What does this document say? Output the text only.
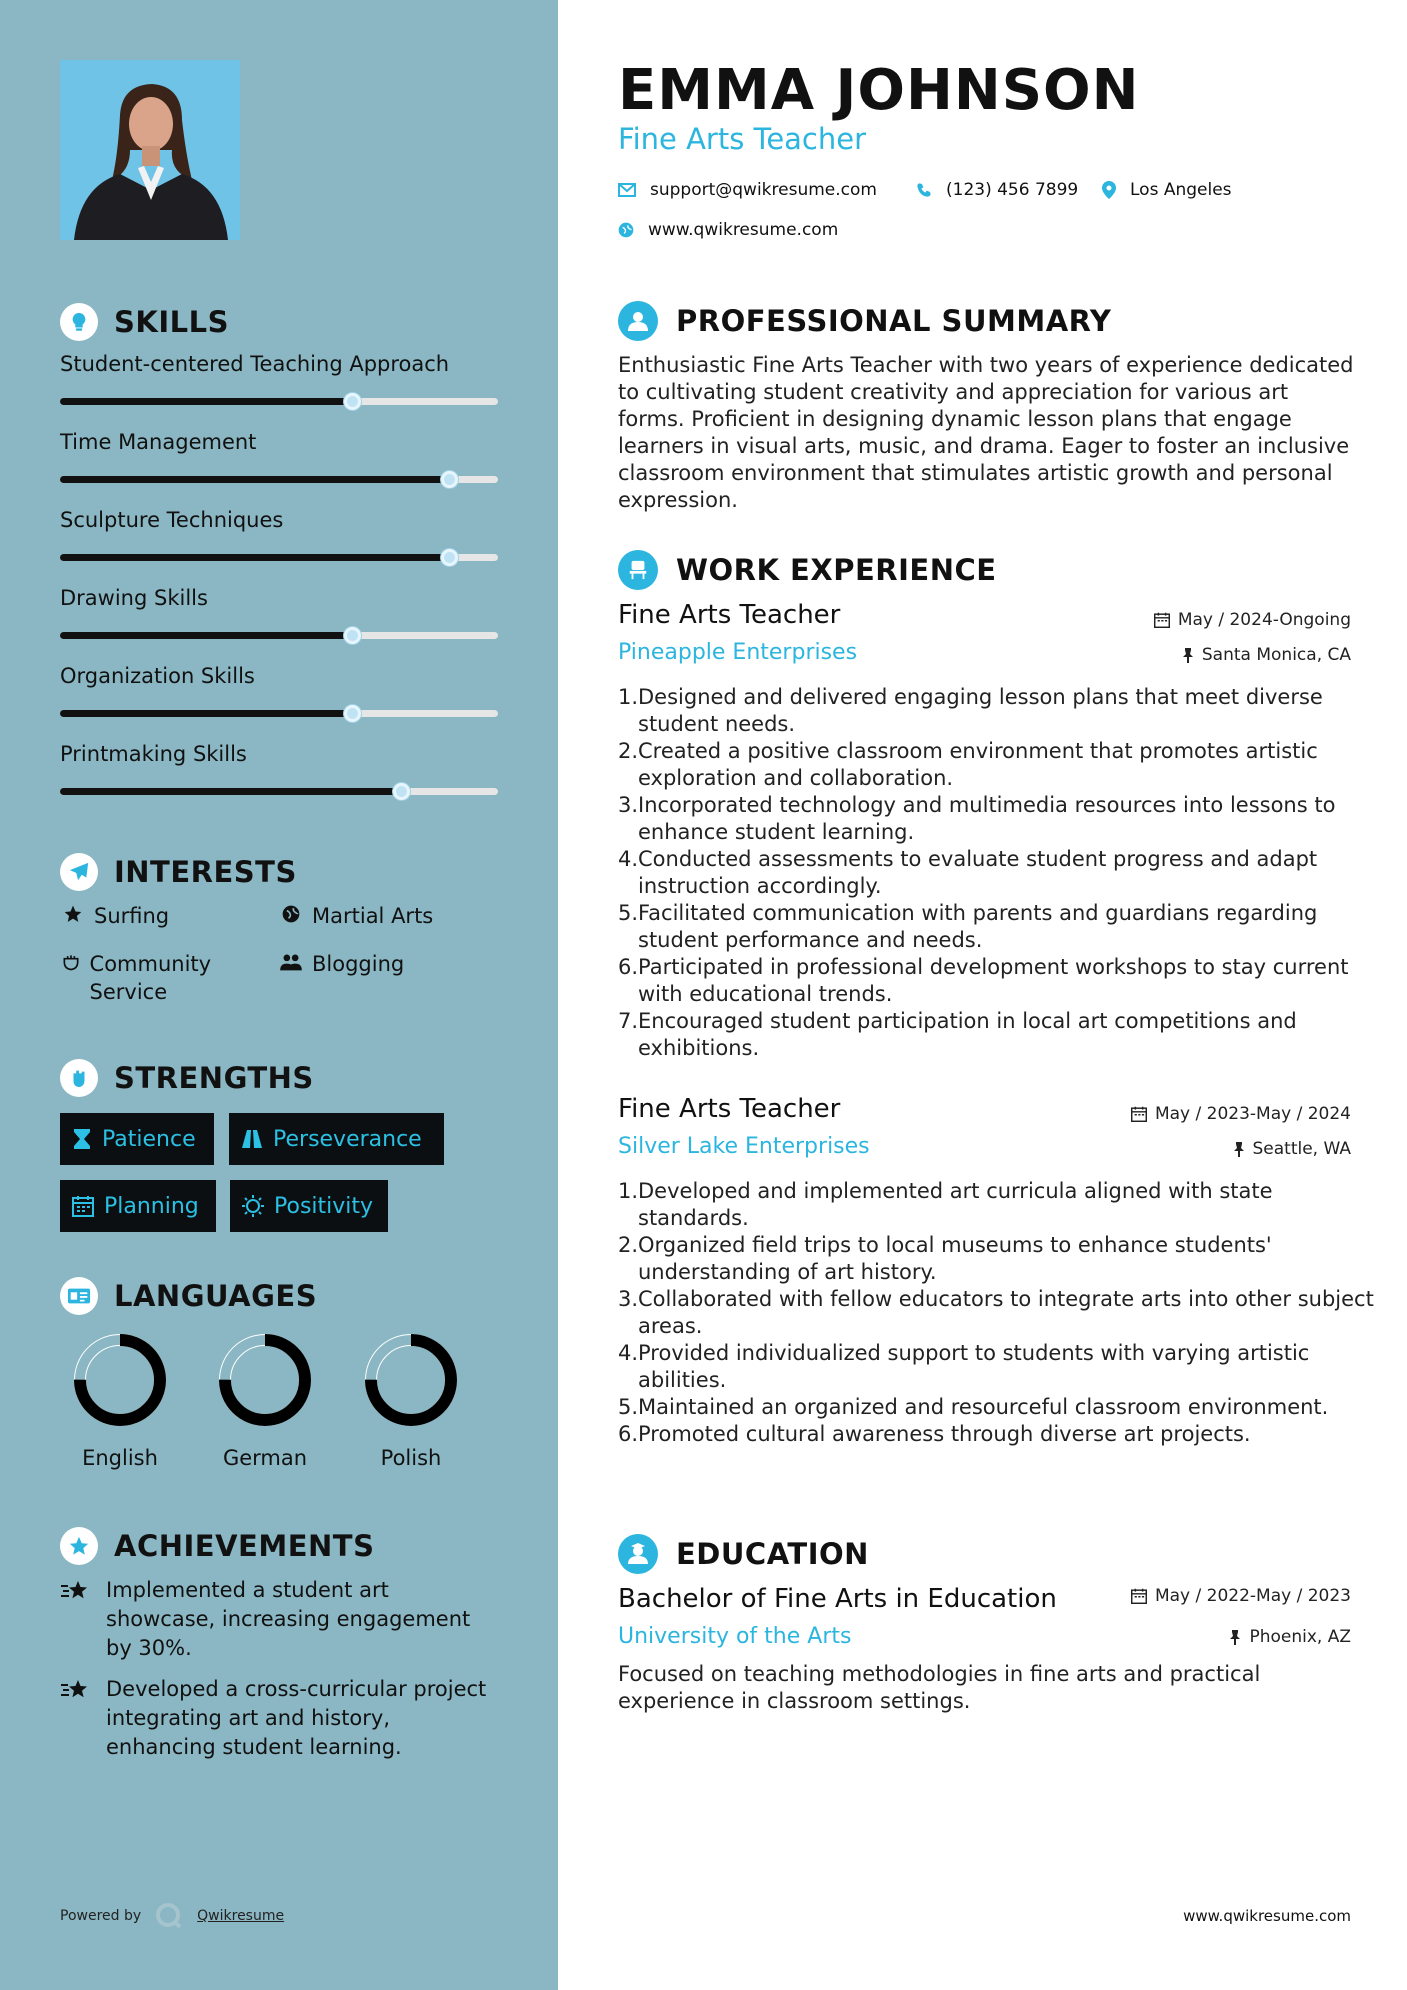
SKILLS
Student-centered Teaching Approach
Time Management
Sculpture Techniques
Drawing Skills
Organization Skills
Printmaking Skills
INTERESTS
Surfing	Martial Arts
Community Service
Blogging
STRENGTHS
Patience	Perseverance
Planning	Positivity
LANGUAGES
English	German	Polish
ACHIEVEMENTS
Implemented a student art showcase, increasing engagement by 30%.
Developed a cross-curricular project integrating art and history, enhancing student learning.
Powered by	Qwikresume
EMMA JOHNSON
Fine Arts Teacher
support@qwikresume.com	(123) 456 7899	Los Angeles
www.qwikresume.com
PROFESSIONAL SUMMARY
Enthusiastic Fine Arts Teacher with two years of experience dedicated to cultivating student creativity and appreciation for various art forms. Proficient in designing dynamic lesson plans that engage learners in visual arts, music, and drama. Eager to foster an inclusive classroom environment that stimulates artistic growth and personal expression.
WORK EXPERIENCE
Fine Arts Teacher	May / 2024-Ongoing
Pineapple Enterprises	Santa Monica, CA
1. Designed and delivered engaging lesson plans that meet diverse student needs.
2. Created a positive classroom environment that promotes artistic exploration and collaboration.
3. Incorporated technology and multimedia resources into lessons to enhance student learning.
4. Conducted assessments to evaluate student progress and adapt instruction accordingly.
5. Facilitated communication with parents and guardians regarding student performance and needs.
6. Participated in professional development workshops to stay current with educational trends.
7. Encouraged student participation in local art competitions and exhibitions.
Fine Arts Teacher	May / 2023-May / 2024
Silver Lake Enterprises	Seattle, WA
1. Developed and implemented art curricula aligned with state standards.
2. Organized field trips to local museums to enhance students' understanding of art history.
3. Collaborated with fellow educators to integrate arts into other subject areas.
4. Provided individualized support to students with varying artistic abilities.
5. Maintained an organized and resourceful classroom environment.
6. Promoted cultural awareness through diverse art projects.
EDUCATION
Bachelor of Fine Arts in Education	May / 2022-May / 2023
University of the Arts	Phoenix, AZ
Focused on teaching methodologies in fine arts and practical experience in classroom settings.
www.qwikresume.com
